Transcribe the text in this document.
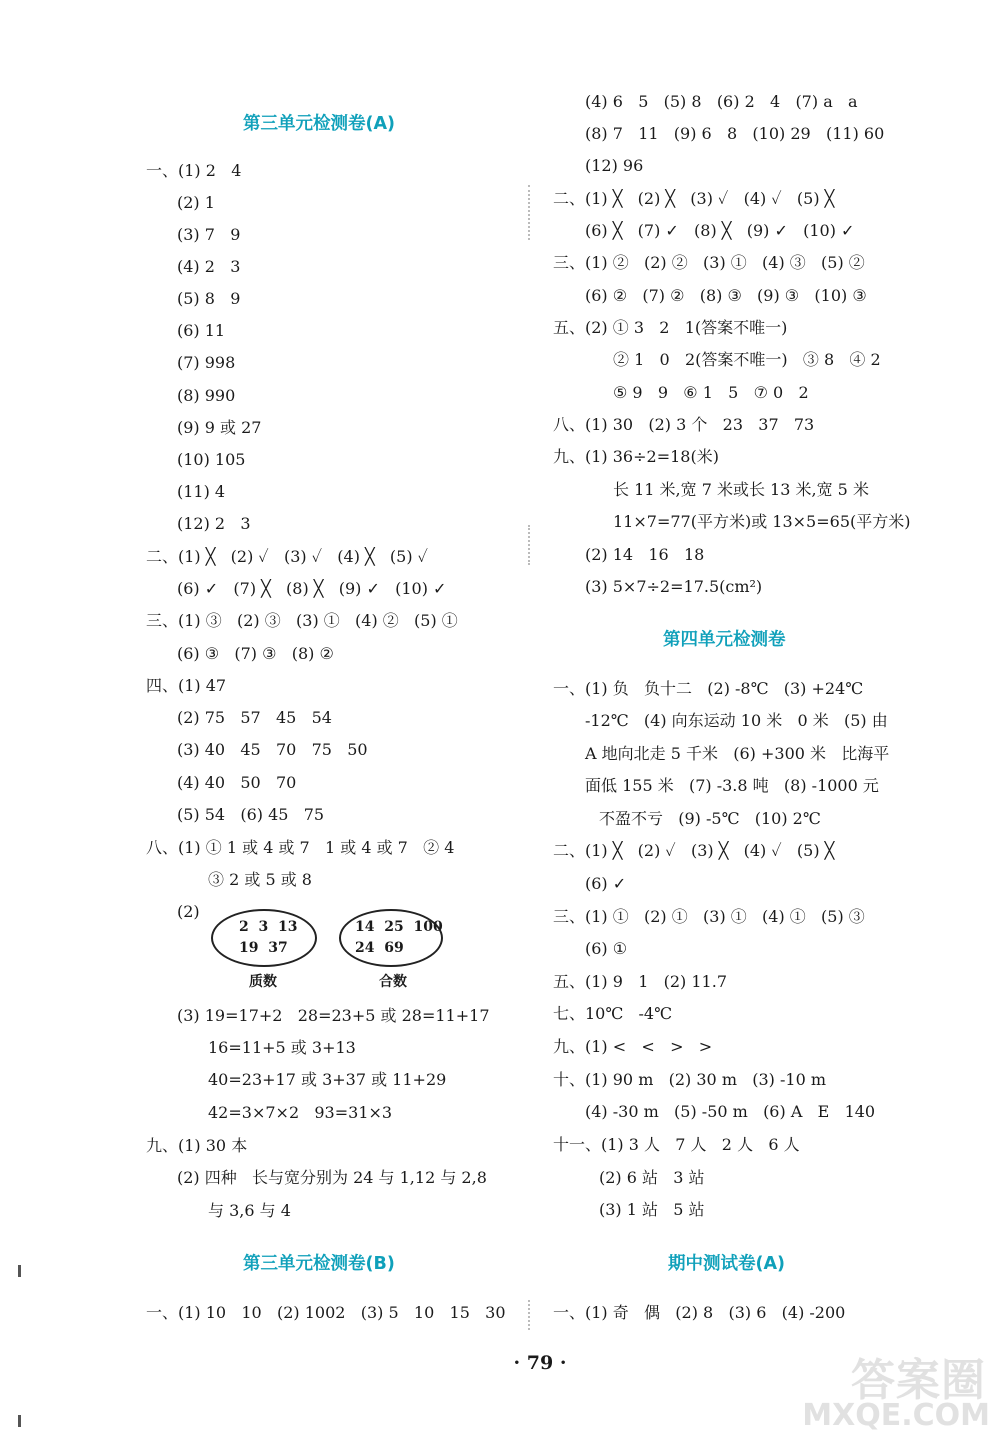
第三单元检测卷(A)
第四单元检测卷
第三单元检测卷(B)	期中测试卷(A)
一、(1) 2   4
(2) 1
(3) 7   9
(4) 2   3
(5) 8   9
(6) 11
(7) 998
(8) 990
(9) 9 或 27
(10) 105
(11) 4
(12) 2   3
二、(1) ╳   (2) ✓   (3) ✓   (4) ╳   (5) ✓
(6) ✓   (7) ╳   (8) ╳   (9) ✓   (10) ✓
三、(1) ③   (2) ③   (3) ①   (4) ②   (5) ①
(6) ③   (7) ③   (8) ②
四、(1) 47
(2) 75   57   45   54
(3) 40   45   70   75   50
(4) 40   50   70
(5) 54   (6) 45   75
八、(1) ① 1 或 4 或 7   1 或 4 或 7   ② 4
③ 2 或 5 或 8
(2)
(3) 19=17+2   28=23+5 或 28=11+17
16=11+5 或 3+13
40=23+17 或 3+37 或 11+29
42=3×7×2   93=31×3
九、(1) 30 本
(2) 四种   长与宽分别为 24 与 1,12 与 2,8
与 3,6 与 4
2  3  13
19  37
质数
14  25  100
24  69
合数
一、(1) 10   10   (2) 1002   (3) 5   10   15   30
(4) 6   5   (5) 8   (6) 2   4   (7) a   a
(8) 7   11   (9) 6   8   (10) 29   (11) 60
(12) 96
二、(1) ╳   (2) ╳   (3) ✓   (4) ✓   (5) ╳
(6) ╳   (7) ✓   (8) ╳   (9) ✓   (10) ✓
三、(1) ②   (2) ②   (3) ①   (4) ③   (5) ②
(6) ②   (7) ②   (8) ③   (9) ③   (10) ③
五、(2) ① 3   2   1(答案不唯一)
② 1   0   2(答案不唯一)   ③ 8   ④ 2
⑤ 9   9   ⑥ 1   5   ⑦ 0   2
八、(1) 30   (2) 3 个   23   37   73
九、(1) 36÷2=18(米)
长 11 米,宽 7 米或长 13 米,宽 5 米
11×7=77(平方米)或 13×5=65(平方米)
(2) 14   16   18
(3) 5×7÷2=17.5(cm²)
一、(1) 负   负十二   (2) -8℃   (3) +24℃
-12℃   (4) 向东运动 10 米   0 米   (5) 由
A 地向北走 5 千米   (6) +300 米   比海平
面低 155 米   (7) -3.8 吨   (8) -1000 元
不盈不亏   (9) -5℃   (10) 2℃
二、(1) ╳   (2) ✓   (3) ╳   (4) ✓   (5) ╳
(6) ✓
三、(1) ①   (2) ①   (3) ①   (4) ①   (5) ③
(6) ①
五、(1) 9   1   (2) 11.7
七、10℃   -4℃
九、(1) <   <   >   >
十、(1) 90 m   (2) 30 m   (3) -10 m
(4) -30 m   (5) -50 m   (6) A   E   140
十一、(1) 3 人   7 人   2 人   6 人
(2) 6 站   3 站
(3) 1 站   5 站
一、(1) 奇   偶   (2) 8   (3) 6   (4) -200
· 79 ·	答案圈
MXQE.COM
